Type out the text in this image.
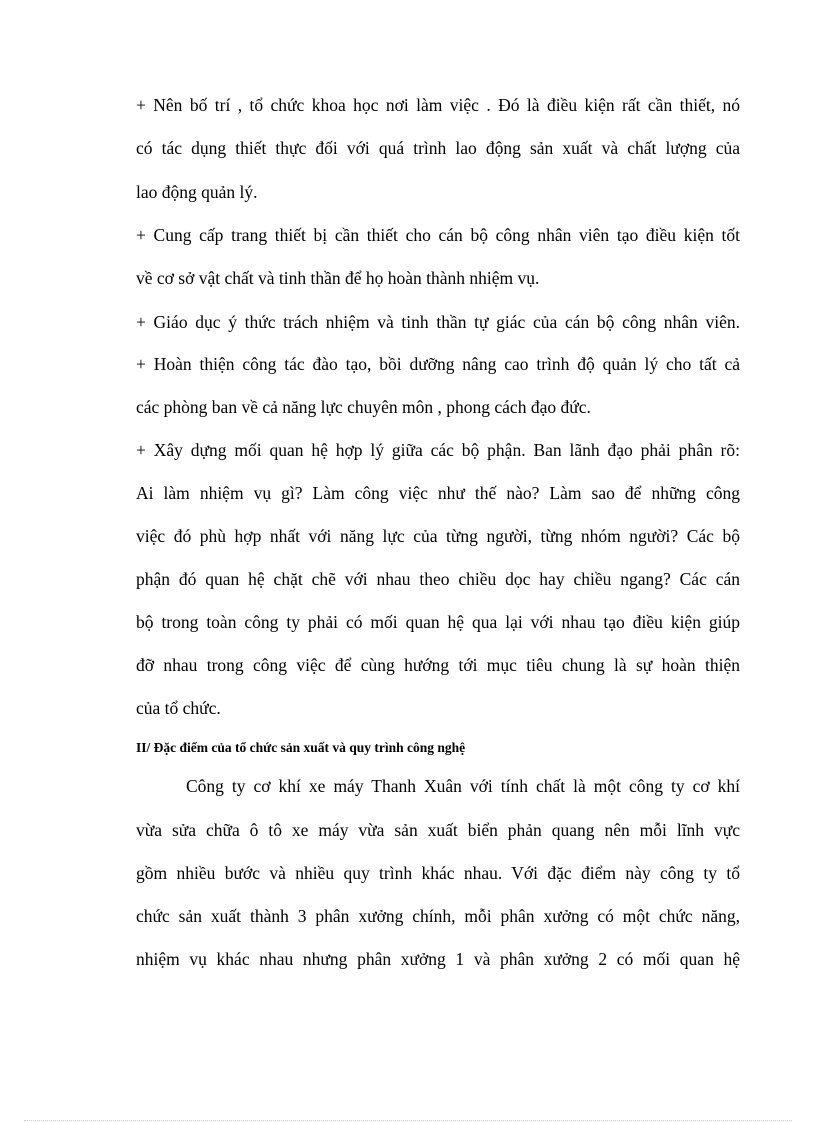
+ Nên bố trí , tổ chức khoa học nơi làm việc . Đó là điều kiện rất cần thiết, nó
có tác dụng thiết thực đối với quá trình lao động sản xuất và chất lượng của
lao động quản lý.
+ Cung cấp trang thiết bị cần thiết cho cán bộ công nhân viên tạo điều kiện tốt
về cơ sở vật chất và tinh thần để họ hoàn thành nhiệm vụ.
+ Giáo dục ý thức trách nhiệm và tinh thần tự giác của cán bộ công nhân viên.
+ Hoàn thiện công tác đào tạo, bồi dưỡng nâng cao trình độ quản lý cho tất cả
các phòng ban về cả năng lực chuyên môn , phong cách đạo đức.
+ Xây dựng mối quan hệ hợp lý giữa các bộ phận. Ban lãnh đạo phải phân rõ:
Ai làm nhiệm vụ gì? Làm công việc như thế nào? Làm sao để những công
việc đó phù hợp nhất với năng lực của từng người, từng nhóm người? Các bộ
phận đó quan hệ chặt chẽ với nhau theo chiều dọc hay chiều ngang? Các cán
bộ trong toàn công ty phải có mối quan hệ qua lại với nhau tạo điều kiện giúp
đỡ nhau trong công việc để cùng hướng tới mục tiêu chung là sự hoàn thiện
của tổ chức.
II/ Đặc điểm của tổ chức sản xuất và quy trình công nghệ
Công ty cơ khí xe máy Thanh Xuân với tính chất là một công ty cơ khí
vừa sửa chữa ô tô xe máy vừa sản xuất biển phản quang nên mỗi lĩnh vực
gồm nhiều bước và nhiều quy trình khác nhau. Với đặc điểm này công ty tổ
chức sản xuất thành 3 phân xưởng chính, mỗi phân xưởng có một chức năng,
nhiệm vụ khác nhau nhưng phân xưởng 1 và phân xưởng 2 có mối quan hệ
